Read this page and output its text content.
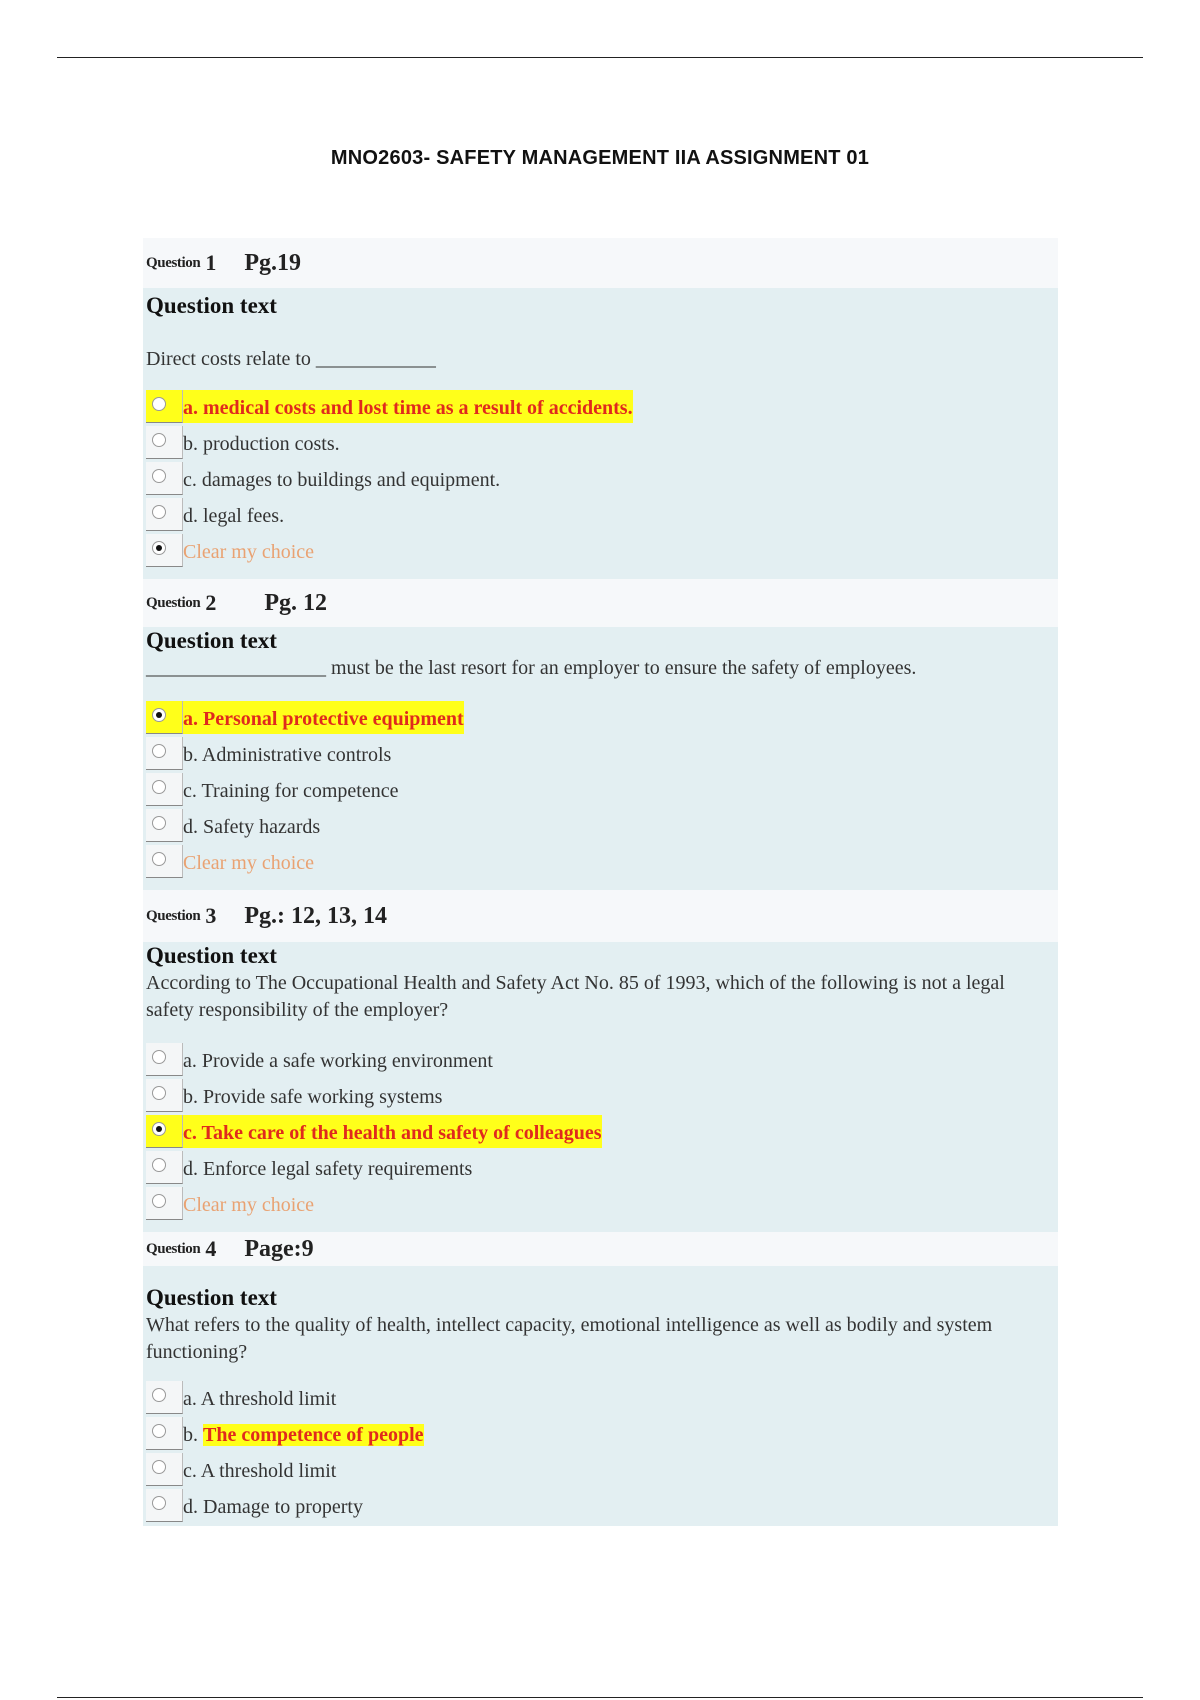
MNO2603- SAFETY MANAGEMENT IIA ASSIGNMENT 01
Question 1 Pg.19
Question text
Direct costs relate to ____________
a. medical costs and lost time as a result of accidents.
b. production costs.
c. damages to buildings and equipment.
d. legal fees.
Clear my choice
Question 2 Pg. 12
Question text
__________________ must be the last resort for an employer to ensure the safety of employees.
a. Personal protective equipment
b. Administrative controls
c. Training for competence
d. Safety hazards
Clear my choice
Question 3 Pg.: 12, 13, 14
Question text
According to The Occupational Health and Safety Act No. 85 of 1993, which of the following is not a legal safety responsibility of the employer?
a. Provide a safe working environment
b. Provide safe working systems
c. Take care of the health and safety of colleagues
d. Enforce legal safety requirements
Clear my choice
Question 4 Page:9
Question text
What refers to the quality of health, intellect capacity, emotional intelligence as well as bodily and system functioning?
a. A threshold limit
b. The competence of people
c. A threshold limit
d. Damage to property
